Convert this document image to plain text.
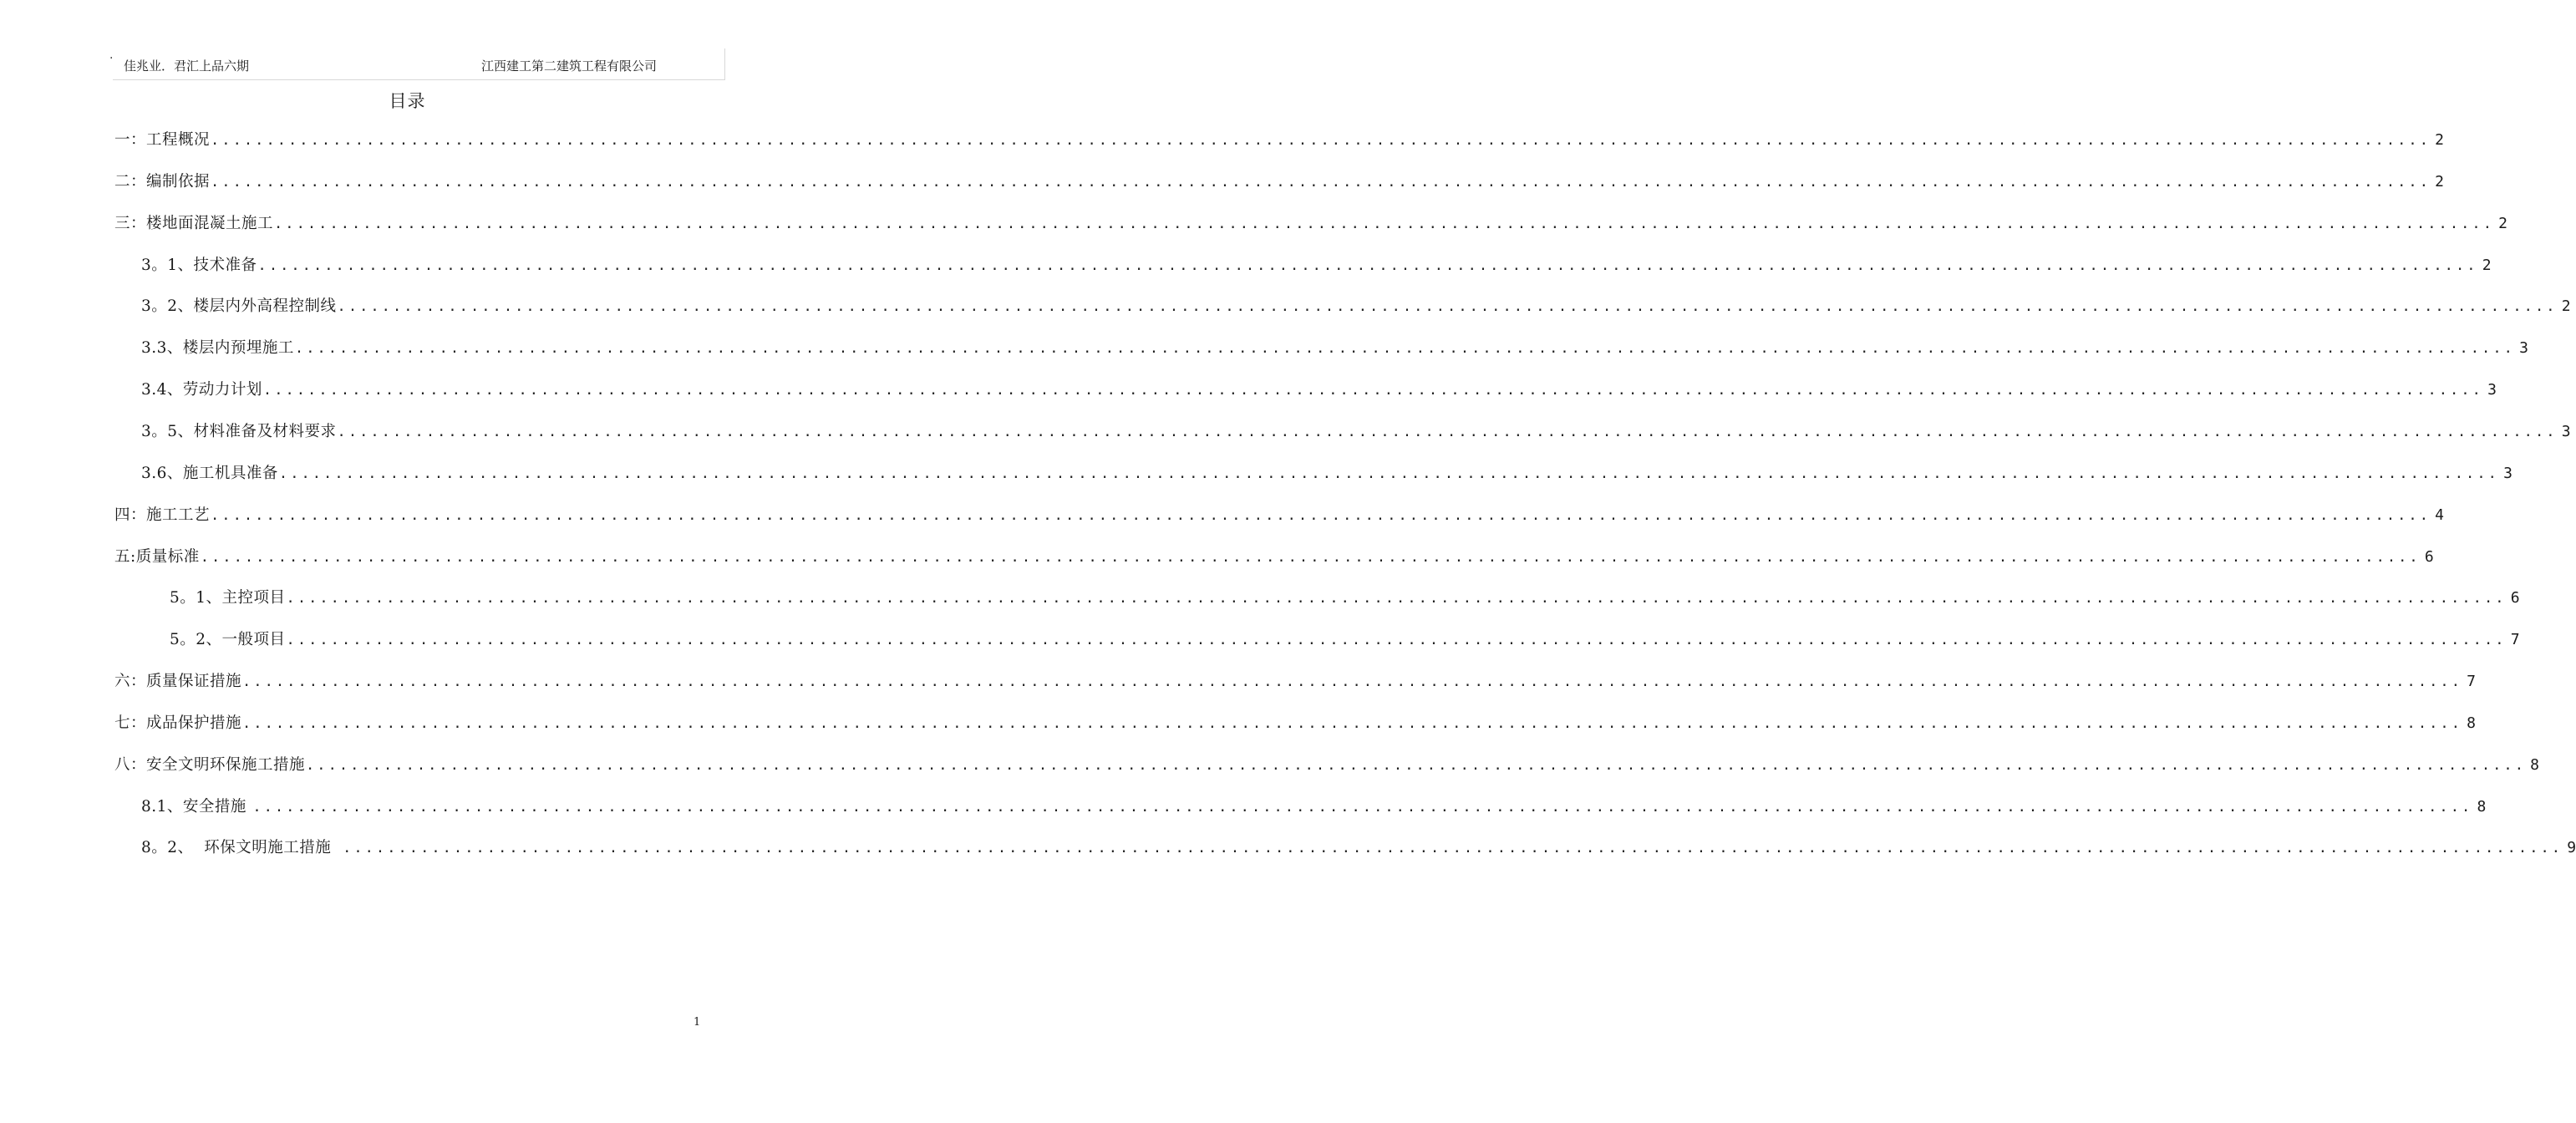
· 佳兆业．君汇上品六期	江西建工第二建筑工程有限公司
目录
一：工程概况 ........................................................................................................................................................................................................ 2
二：编制依据 ........................................................................................................................................................................................................ 2
三：楼地面混凝土施工 ........................................................................................................................................................................................................ 2
3。1、技术准备 ........................................................................................................................................................................................................ 2
3。2、楼层内外高程控制线 ........................................................................................................................................................................................................ 2
3.3、楼层内预埋施工 ........................................................................................................................................................................................................ 3
3.4、劳动力计划 ........................................................................................................................................................................................................ 3
3。5、材料准备及材料要求 ........................................................................................................................................................................................................ 3
3.6、施工机具准备 ........................................................................................................................................................................................................ 3
四：施工工艺 ........................................................................................................................................................................................................ 4
五:质量标准 ........................................................................................................................................................................................................ 6
5。1、主控项目 ........................................................................................................................................................................................................ 6
5。2、一般项目 ........................................................................................................................................................................................................ 7
六：质量保证措施 ........................................................................................................................................................................................................ 7
七：成品保护措施 ........................................................................................................................................................................................................ 8
八：安全文明环保施工措施 ........................................................................................................................................................................................................ 8
8.1、安全措施 ........................................................................................................................................................................................................ 8
8。2、  环保文明施工措施 ........................................................................................................................................................................................................ 9
1
